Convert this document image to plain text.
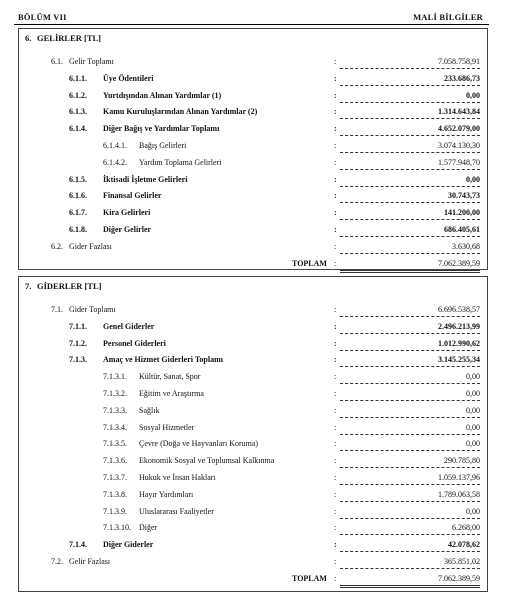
BÖLÜM VII	MALİ BİLGİLER
6. GELİRLER [TL]
6.1. Gelir Toplamı	:	7.058.758,91
6.1.1. Üye Ödentileri	:	233.686,73
6.1.2. Yurtdışından Alınan Yardımlar (1)	:	0,00
6.1.3. Kamu Kuruluşlarından Alınan Yardımlar (2)	:	1.314.643,84
6.1.4. Diğer Bağış ve Yardımlar Toplamı	:	4.652.079,00
6.1.4.1. Bağış Gelirleri	:	3.074.130,30
6.1.4.2. Yardım Toplama Gelirleri	:	1.577.948,70
6.1.5. İktisadi İşletme Gelirleri	:	0,00
6.1.6. Finansal Gelirler	:	30.743,73
6.1.7. Kira Gelirleri	:	141.200,00
6.1.8. Diğer Gelirler	:	686.405,61
6.2. Gider Fazlası	:	3.630,68
TOPLAM :	7.062.389,59
7. GİDERLER [TL]
7.1. Gider Toplamı	:	6.696.538,57
7.1.1. Genel Giderler	:	2.496.213,99
7.1.2. Personel Giderleri	:	1.012.990,62
7.1.3. Amaç ve Hizmet Giderleri Toplamı	:	3.145.255,34
7.1.3.1. Kültür, Sanat, Spor	:	0,00
7.1.3.2. Eğitim ve Araştırma	:	0,00
7.1.3.3. Sağlık	:	0,00
7.1.3.4. Sosyal Hizmetler	:	0,00
7.1.3.5. Çevre (Doğa ve Hayvanları Koruma)	:	0,00
7.1.3.6. Ekonomik Sosyal ve Toplumsal Kalkınma	:	290.785,80
7.1.3.7. Hukuk ve İnsan Hakları	:	1.059.137,96
7.1.3.8. Hayır Yardımları	:	1.789.063,58
7.1.3.9. Uluslararası Faaliyetler	:	0,00
7.1.3.10. Diğer	:	6.268,00
7.1.4. Diğer Giderler	:	42.078,62
7.2. Gelir Fazlası	:	365.851,02
TOPLAM :	7.062.389,59
